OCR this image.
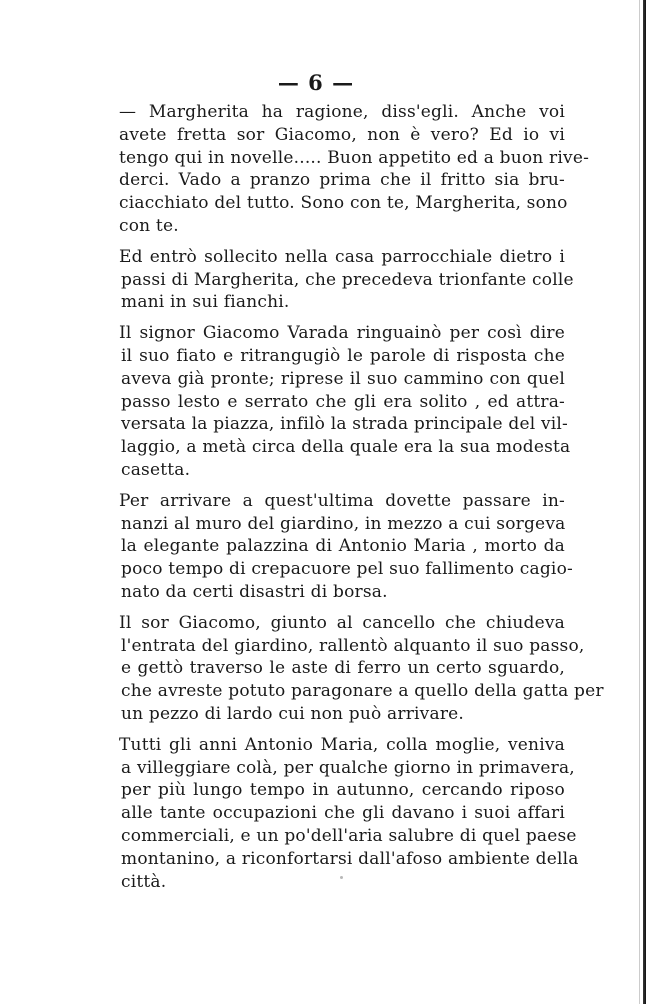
— 6 —
— Margherita ha ragione, diss'egli. Anche voi
avete fretta sor Giacomo, non è vero? Ed io vi
tengo qui in novelle..... Buon appetito ed a buon rive-
derci. Vado a pranzo prima che il fritto sia bru-
ciacchiato del tutto. Sono con te, Margherita, sono
con te.
Ed entrò sollecito nella casa parrocchiale dietro i
passi di Margherita, che precedeva trionfante colle
mani in sui fianchi.
Il signor Giacomo Varada ringuainò per così dire
il suo fiato e ritrangugiò le parole di risposta che
aveva già pronte; riprese il suo cammino con quel
passo lesto e serrato che gli era solito , ed attra-
versata la piazza, infilò la strada principale del vil-
laggio, a metà circa della quale era la sua modesta
casetta.
Per arrivare a quest'ultima dovette passare in-
nanzi al muro del giardino, in mezzo a cui sorgeva
la elegante palazzina di Antonio Maria , morto da
poco tempo di crepacuore pel suo fallimento cagio-
nato da certi disastri di borsa.
Il sor Giacomo, giunto al cancello che chiudeva
l'entrata del giardino, rallentò alquanto il suo passo,
e gettò traverso le aste di ferro un certo sguardo,
che avreste potuto paragonare a quello della gatta per
un pezzo di lardo cui non può arrivare.
Tutti gli anni Antonio Maria, colla moglie, veniva
a villeggiare colà, per qualche giorno in primavera,
per più lungo tempo in autunno, cercando riposo
alle tante occupazioni che gli davano i suoi affari
commerciali, e un po'dell'aria salubre di quel paese
montanino, a riconfortarsi dall'afoso ambiente della
città.
